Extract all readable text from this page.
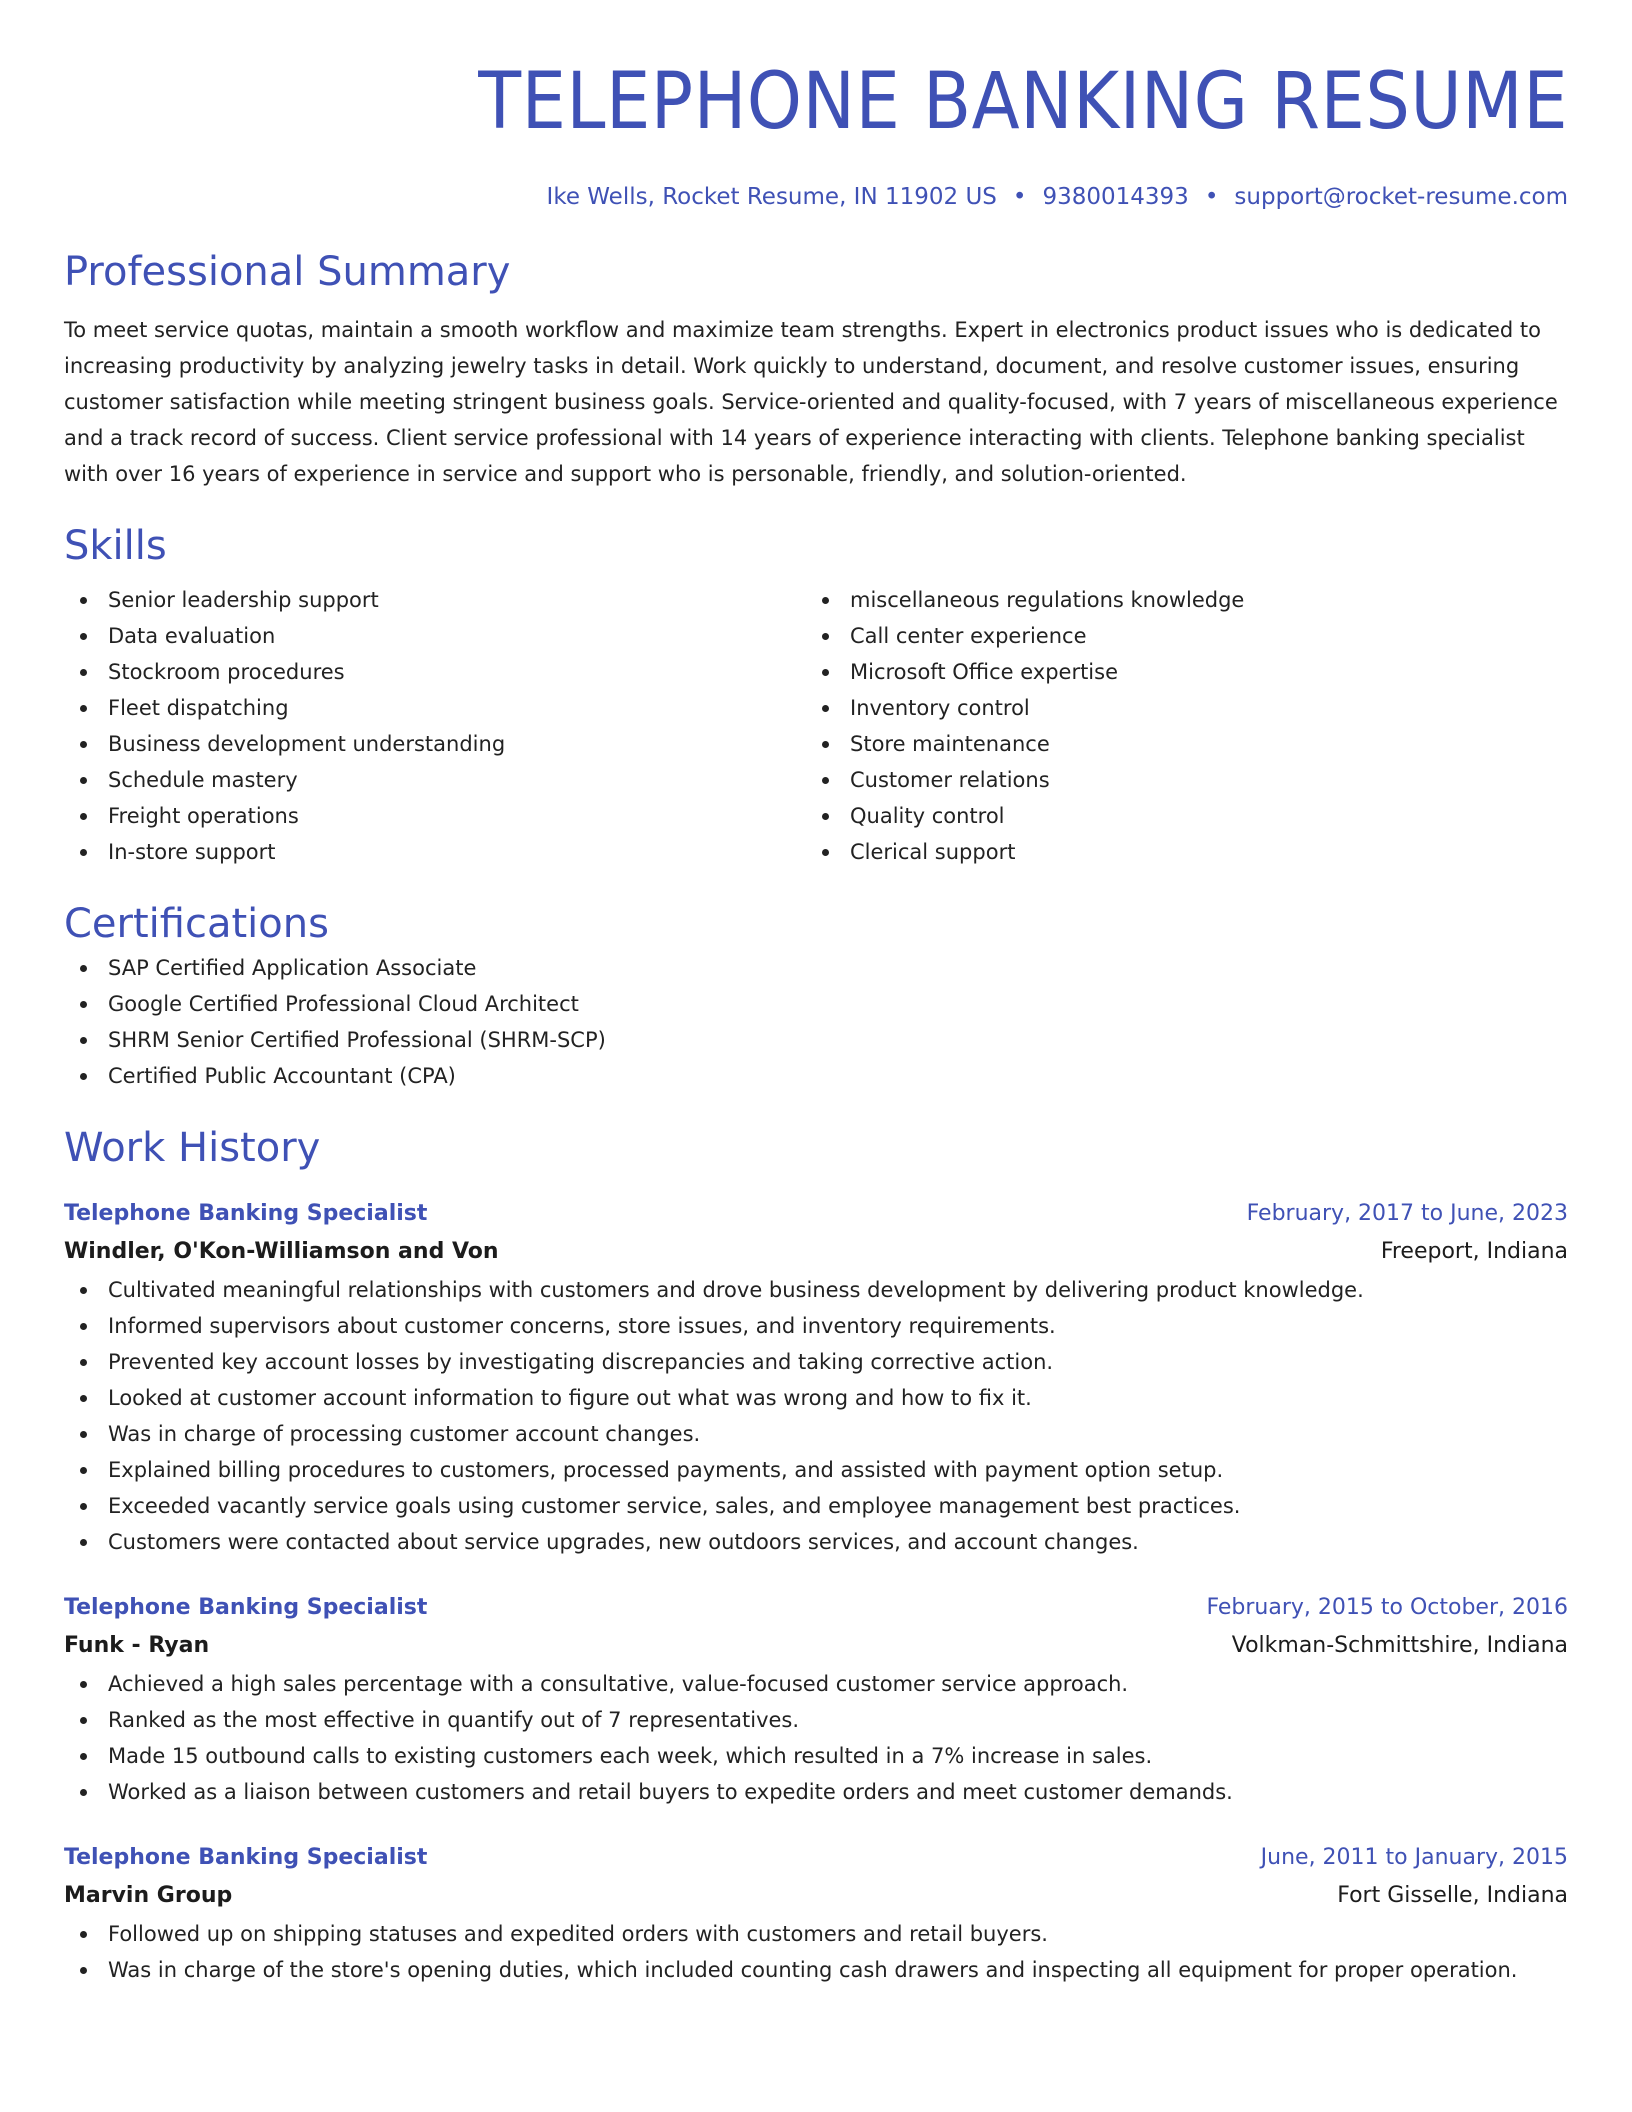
TELEPHONE BANKING RESUME
Ike Wells, Rocket Resume, IN 11902 US • 9380014393 • support@rocket-resume.com
Professional Summary
To meet service quotas, maintain a smooth workflow and maximize team strengths. Expert in electronics product issues who is dedicated to increasing productivity by analyzing jewelry tasks in detail. Work quickly to understand, document, and resolve customer issues, ensuring customer satisfaction while meeting stringent business goals. Service-oriented and quality-focused, with 7 years of miscellaneous experience and a track record of success. Client service professional with 14 years of experience interacting with clients. Telephone banking specialist with over 16 years of experience in service and support who is personable, friendly, and solution-oriented.
Skills
Senior leadership support
Data evaluation
Stockroom procedures
Fleet dispatching
Business development understanding
Schedule mastery
Freight operations
In-store support
miscellaneous regulations knowledge
Call center experience
Microsoft Office expertise
Inventory control
Store maintenance
Customer relations
Quality control
Clerical support
Certifications
SAP Certified Application Associate
Google Certified Professional Cloud Architect
SHRM Senior Certified Professional (SHRM-SCP)
Certified Public Accountant (CPA)
Work History
Telephone Banking Specialist	February, 2017 to June, 2023
Windler, O'Kon-Williamson and Von	Freeport, Indiana
Cultivated meaningful relationships with customers and drove business development by delivering product knowledge.
Informed supervisors about customer concerns, store issues, and inventory requirements.
Prevented key account losses by investigating discrepancies and taking corrective action.
Looked at customer account information to figure out what was wrong and how to fix it.
Was in charge of processing customer account changes.
Explained billing procedures to customers, processed payments, and assisted with payment option setup.
Exceeded vacantly service goals using customer service, sales, and employee management best practices.
Customers were contacted about service upgrades, new outdoors services, and account changes.
Telephone Banking Specialist	February, 2015 to October, 2016
Funk - Ryan	Volkman-Schmittshire, Indiana
Achieved a high sales percentage with a consultative, value-focused customer service approach.
Ranked as the most effective in quantify out of 7 representatives.
Made 15 outbound calls to existing customers each week, which resulted in a 7% increase in sales.
Worked as a liaison between customers and retail buyers to expedite orders and meet customer demands.
Telephone Banking Specialist	June, 2011 to January, 2015
Marvin Group	Fort Gisselle, Indiana
Followed up on shipping statuses and expedited orders with customers and retail buyers.
Was in charge of the store's opening duties, which included counting cash drawers and inspecting all equipment for proper operation.
